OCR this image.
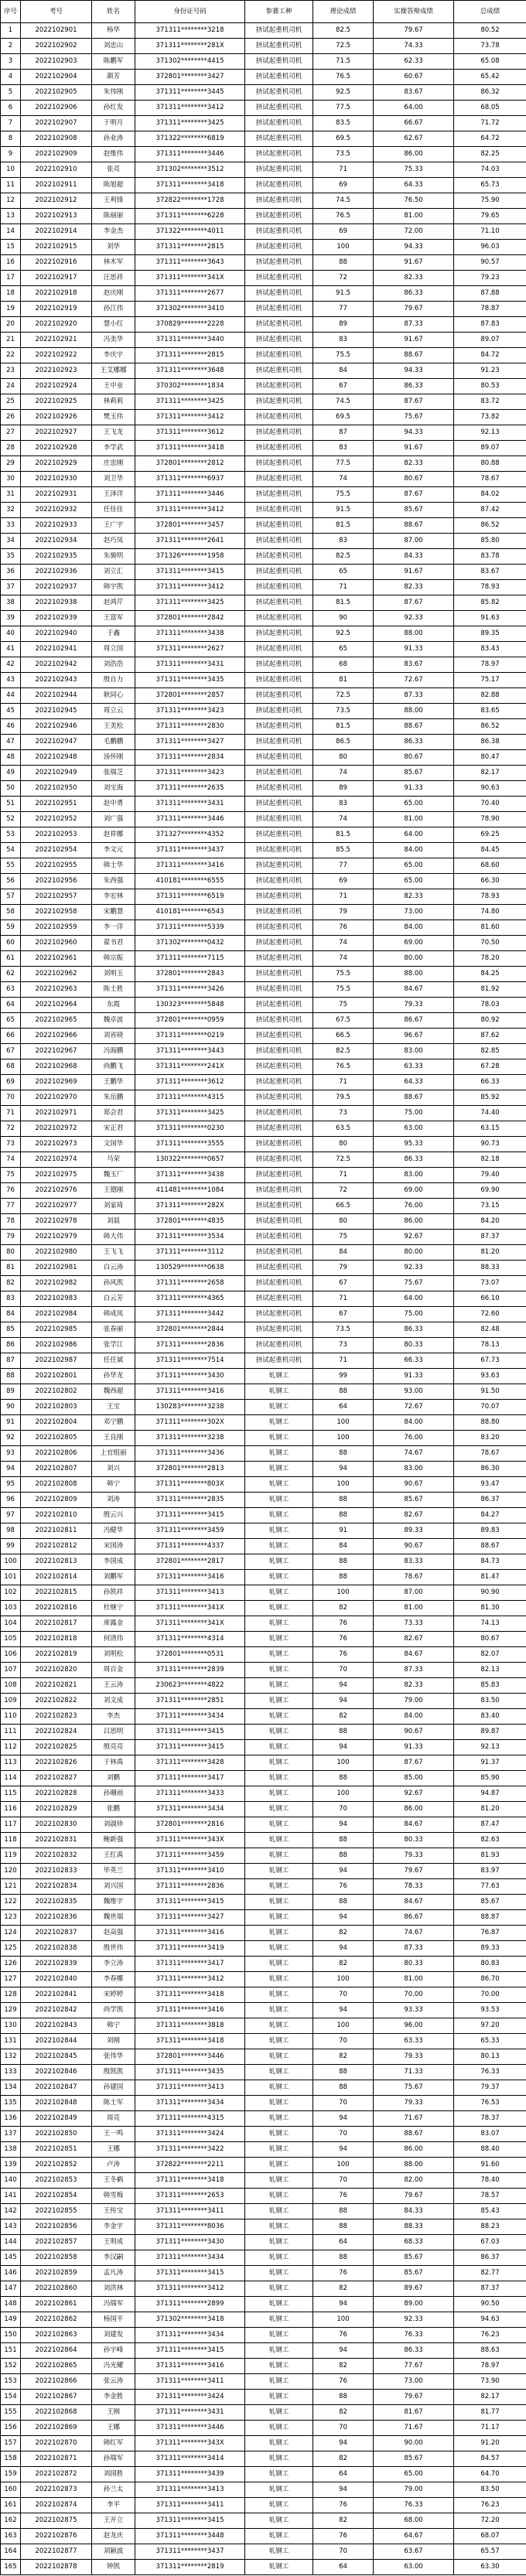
序号	考号	姓名	身份证号码	参赛工种	理论成绩	实操答辩成绩	总成绩
1	2022102901	杨华	371311********3218	挤试起重机司机	82.5	79.67	80.52
2	2022102902	刘忠山	371311********281X	挤试起重机司机	72.5	74.33	73.78
3	2022102903	陈鹏军	371302********4415	挤试起重机司机	71.5	62.33	65.08
4	2022102904	颜芳	372801********3427	挤试起重机司机	76.5	60.67	65.42
5	2022102905	朱伟刚	371311********3445	挤试起重机司机	92.5	83.67	86.32
6	2022102906	孙红发	371311********3412	挤试起重机司机	77.5	64.00	68.05
7	2022102907	于明月	371311********3425	挤试起重机司机	83.5	66.67	71.72
8	2022102908	孙业涛	371322********6819	挤试起重机司机	69.5	62.67	64.72
9	2022102909	赵维伟	371311********3446	挤试起重机司机	73.5	86.00	82.25
10	2022102910	张亮	371302********3512	挤试起重机司机	71	75.33	74.03
11	2022102911	陈旭超	371311********3418	挤试起重机司机	69	64.33	65.73
12	2022102912	王利锋	372822********1728	挤试起重机司机	74.5	76.50	75.90
13	2022102913	陈丽丽	371311********6228	挤试起重机司机	76.5	81.00	79.65
14	2022102914	李金杰	371322********4011	挤试起重机司机	69	72.00	71.10
15	2022102915	刘华	371311********2815	挤试起重机司机	100	94.33	96.03
16	2022102916	林木军	371311********3643	挤试起重机司机	88	91.67	90.57
17	2022102917	汪思祥	371311********341X	挤试起重机司机	72	82.33	79.23
18	2022102918	赵庆刚	371311********2677	挤试起重机司机	91.5	86.33	87.88
19	2022102919	孙江伟	371302********3410	挤试起重机司机	77	79.67	78.87
20	2022102920	慧小红	370829********2228	挤试起重机司机	89	87.33	87.83
21	2022102921	冯美华	371311********3440	挤试起重机司机	83	91.67	89.07
22	2022102922	李庆宇	371311********2815	挤试起重机司机	75.5	88.67	84.72
23	2022102923	王艾娜娜	371311********3648	挤试起重机司机	84	94.33	91.23
24	2022102924	王中业	370302********1834	挤试起重机司机	67	86.33	80.53
25	2022102925	林莉莉	371311********3425	挤试起重机司机	74.5	87.67	83.72
26	2022102926	樊玉伟	371311********3412	挤试起重机司机	69.5	75.67	73.82
27	2022102927	王飞龙	371311********3612	挤试起重机司机	87	94.33	92.13
28	2022102928	李学武	371311********3418	挤试起重机司机	83	91.67	89.07
29	2022102929	庄忠刚	372801********2812	挤试起重机司机	77.5	82.33	80.88
30	2022102930	刘卫华	371311********6937	挤试起重机司机	74	80.67	78.67
31	2022102931	王泽洋	371311********3446	挤试起重机司机	75.5	87.67	84.02
32	2022102932	任佳佳	371311********3412	挤试起重机司机	91.5	85.67	87.42
33	2022102933	王广宇	372801********3457	挤试起重机司机	81.5	88.67	86.52
34	2022102934	赵巧凤	371311********2641	挤试起重机司机	83	87.00	85.80
35	2022102935	朱骏明	371326********1958	挤试起重机司机	82.5	84.33	83.78
36	2022102936	刘立汇	371311********3415	挤试起重机司机	65	91.67	83.67
37	2022102937	韩宇凯	371311********3412	挤试起重机司机	71	82.33	78.93
38	2022102938	赵鸿芹	371311********3425	挤试起重机司机	81.5	87.67	85.82
39	2022102939	王富军	372801********2842	挤试起重机司机	90	92.33	91.63
40	2022102940	于鑫	371311********3438	挤试起重机司机	92.5	88.00	89.35
41	2022102941	周立国	371311********2627	挤试起重机司机	65	91.33	83.43
42	2022102942	刘浩浩	371311********3431	挤试起重机司机	68	83.67	78.97
43	2022102943	殷自力	371311********3435	挤试起重机司机	81	72.67	75.17
44	2022102944	耿同心	372801********2857	挤试起重机司机	72.5	87.33	82.88
45	2022102945	周立云	371311********3423	挤试起重机司机	73.5	88.00	83.65
46	2022102946	王美松	371311********2830	挤试起重机司机	81.5	88.67	86.52
47	2022102947	毛鹏鹏	371311********3427	挤试起重机司机	86.5	86.33	86.38
48	2022102948	汤怀刚	371311********2834	挤试起重机司机	80	80.67	80.47
49	2022102949	张瑞芝	371311********3423	挤试起重机司机	74	85.67	82.17
50	2022102950	刘宝海	371311********2635	挤试起重机司机	89	91.33	90.63
51	2022102951	赵中勇	371311********3431	挤试起重机司机	83	65.00	70.40
52	2022102952	刘广强	371311********3446	挤试起重机司机	74	81.00	78.90
53	2022102953	赵祥娜	371327********4352	挤试起重机司机	81.5	64.00	69.25
54	2022102954	李文元	371311********3437	挤试起重机司机	85.5	84.00	84.45
55	2022102955	韩士华	371311********3416	挤试起重机司机	77	65.00	68.60
56	2022102956	朱西强	410181********6555	挤试起重机司机	69	65.00	66.30
57	2022102957	李宏林	371311********6519	挤试起重机司机	71	82.33	78.93
58	2022102958	宋鹏慧	410181********6543	挤试起重机司机	79	73.00	74.80
59	2022102959	李一洋	371311********5339	挤试起重机司机	76	84.00	81.60
60	2022102960	翟书君	371302********0432	挤试起重机司机	74	69.00	70.50
61	2022102961	韩宗振	371311********7115	挤试起重机司机	74	80.00	78.20
62	2022102962	刘明玉	372801********2843	挤试起重机司机	75.5	88.00	84.25
63	2022102963	陈士胜	371311********3426	挤试起重机司机	75.5	84.67	81.92
64	2022102964	东霞	130323********5848	挤试起重机司机	75	79.33	78.03
65	2022102965	魏卓波	372801********0959	挤试起重机司机	67.5	86.67	80.92
66	2022102966	刘省晓	371311********0219	挤试起重机司机	66.5	96.67	87.62
67	2022102967	冯海鹏	371311********3443	挤试起重机司机	82.5	83.00	82.85
68	2022102968	尚鹏飞	371311********241X	挤试起重机司机	76.5	63.33	67.28
69	2022102969	王鹏华	371311********3612	挤试起重机司机	71	64.33	66.33
70	2022102970	朱岳鹏	371311********4315	挤试起重机司机	79.5	88.67	85.92
71	2022102971	郑会君	371311********3425	挤试起重机司机	73	75.00	74.40
72	2022102972	宋正君	371311********0230	挤试起重机司机	63.5	63.00	63.15
73	2022102973	文国华	371311********3555	挤试起重机司机	80	95.33	90.73
74	2022102974	马荣	130322********0657	挤试起重机司机	72.5	86.33	82.18
75	2022102975	魏玉厂	371311********3438	挤试起重机司机	71	83.00	79.40
76	2022102976	王德刚	411481********1084	挤试起重机司机	72	69.00	69.90
77	2022102977	刘家琦	371311********282X	挤试起重机司机	66.5	76.00	73.15
78	2022102978	刘晨	372801********4835	挤试起重机司机	80	86.00	84.20
79	2022102979	韩大伟	371311********3534	挤试起重机司机	75	92.67	87.37
80	2022102980	王飞飞	371311********3112	挤试起重机司机	84	80.00	81.20
81	2022102981	白云涛	130529********0638	挤试起重机司机	79	92.33	88.33
82	2022102982	孙风凯	371311********2658	挤试起重机司机	67	75.67	73.07
83	2022102983	白云芳	371311********4365	挤试起重机司机	71	64.00	66.10
84	2022102984	韩成凤	371311********3442	挤试起重机司机	67	75.00	72.60
85	2022102985	张春丽	372801********2844	挤试起重机司机	73.5	86.33	82.48
86	2022102986	张学江	371311********2836	挤试起重机司机	73	80.33	78.13
87	2022102987	任任斌	371311********7514	挤试起重机司机	71	66.33	67.73
88	2022102801	孙华龙	371311********3430	轧钢工	99	91.33	93.63
89	2022102802	魏西超	371311********3416	轧钢工	88	93.00	91.50
90	2022102803	王宝	130283********3238	轧钢工	64	72.67	70.07
91	2022102804	邓宁鹏	371311********302X	轧钢工	100	84.00	88.80
92	2022102805	王良刚	371311********3238	轧钢工	100	76.00	83.20
93	2022102806	上官组丽	371311********3436	轧钢工	88	74.67	78.67
94	2022102807	刘兴	372801********2813	轧钢工	94	83.00	86.30
95	2022102808	韩宁	371311********803X	轧钢工	100	90.67	93.47
96	2022102809	刘涛	371311********2835	轧钢工	88	85.67	86.37
97	2022102810	殷云兴	371311********3415	轧钢工	88	82.67	84.27
98	2022102811	冯健华	371311********3459	轧钢工	91	89.33	89.83
99	2022102812	宋国涛	371311********4337	轧钢工	84	90.67	88.67
100	2022102813	李国成	372801********2817	轧钢工	88	83.33	84.73
101	2022102814	刘鹏军	371311********3416	轧钢工	88	78.67	81.47
102	2022102815	孙凯祥	371311********3413	轧钢工	100	87.00	90.90
103	2022102816	杜继宁	371311********341X	轧钢工	82	81.00	81.30
104	2022102817	席露金	371311********341X	轧钢工	76	73.33	74.13
105	2022102818	何清伟	371311********4314	轧钢工	76	82.67	80.67
106	2022102819	刘明松	372801********0531	轧钢工	76	84.67	82.07
107	2022102820	周百金	371311********2839	轧钢工	70	87.33	82.13
108	2022102821	王云涛	230623********4822	轧钢工	94	82.33	85.83
109	2022102822	刘文成	371311********2851	轧钢工	94	79.00	83.50
110	2022102823	李杰	371311********3434	轧钢工	82	84.00	83.40
111	2022102824	吕思明	371311********3415	轧钢工	88	90.67	89.87
112	2022102825	殷亮亮	371311********3415	轧钢工	94	91.33	92.13
113	2022102826	于林禹	371311********3428	轧钢工	100	87.67	91.37
114	2022102827	刘鹏	371311********3417	轧钢工	88	85.00	85.90
115	2022102828	孙珊雨	371311********3433	轧钢工	100	92.67	94.87
116	2022102829	张鹏	371311********3434	轧钢工	70	86.00	81.20
117	2022102830	刘淑珍	372801********2816	轧钢工	94	84.67	87.47
118	2022102831	鲍新强	371311********343X	轧钢工	88	80.33	82.63
119	2022102832	王红禹	371311********3459	轧钢工	88	79.33	81.93
120	2022102833	毕英兰	371311********3410	轧钢工	94	79.67	83.97
121	2022102834	刘兴国	371311********2836	轧钢工	76	78.33	77.63
122	2022102835	魏维宇	371311********3415	轧钢工	88	84.67	85.67
123	2022102836	魏世瑞	371311********3427	轧钢工	94	86.67	88.87
124	2022102837	赵高强	371311********3416	轧钢工	82	74.67	76.87
125	2022102838	殷世伟	371311********3419	轧钢工	94	87.33	89.33
126	2022102839	李立涛	371311********3417	轧钢工	82	80.33	80.83
127	2022102840	李春娜	371311********3412	轧钢工	100	81.00	86.70
128	2022102841	宋婷婷	371311********3418	轧钢工	70	70.00	70.00
129	2022102842	尚学凯	371311********3416	轧钢工	94	93.33	93.53
130	2022102843	韩宁	371311********3818	轧钢工	100	96.00	97.20
131	2022102844	刘刚	371311********3418	轧钢工	70	63.33	65.33
132	2022102845	张伟华	372801********3446	轧钢工	82	79.33	80.13
133	2022102846	殷凯凯	371311********3435	轧钢工	88	71.33	76.33
134	2022102847	孙建国	371311********3413	轧钢工	88	75.67	79.37
135	2022102848	陈士军	371311********3434	轧钢工	70	79.33	76.53
136	2022102849	周亮	371311********4315	轧钢工	94	71.67	78.37
137	2022102850	王一鸣	371311********3424	轧钢工	70	88.67	83.07
138	2022102851	王娜	371311********3422	轧钢工	94	86.00	88.40
139	2022102852	卢涛	372822********2211	轧钢工	100	88.00	91.60
140	2022102853	王冬鹤	371311********3418	轧钢工	70	82.00	78.40
141	2022102854	韩雪梅	371311********2653	轧钢工	76	79.67	78.57
142	2022102855	王传宝	371311********3411	轧钢工	88	84.33	85.43
143	2022102856	李金宇	371311********8036	轧钢工	88	88.33	88.23
144	2022102857	王明成	371311********3430	轧钢工	64	68.33	67.03
145	2022102858	李汉嗣	371311********3434	轧钢工	88	85.67	86.37
146	2022102859	孟凡涛	371311********3415	轧钢工	76	85.67	82.77
147	2022102860	刘洪林	371311********3412	轧钢工	82	89.67	87.37
148	2022102861	冯瑞军	371311********2899	轧钢工	94	89.00	90.50
149	2022102862	杨国平	371302********3418	轧钢工	100	92.33	94.63
150	2022102863	刘建发	371311********3434	轧钢工	76	76.33	76.23
151	2022102864	孙宇峰	371311********3415	轧钢工	94	86.33	88.63
152	2022102865	冯光耀	371311********3416	轧钢工	82	77.67	78.97
153	2022102866	张云涛	371311********3411	轧钢工	76	73.00	73.90
154	2022102867	李金胜	371311********3424	轧钢工	88	79.67	82.17
155	2022102868	王刚	371311********3431	轧钢工	82	81.67	81.77
156	2022102869	王娜	371311********3446	轧钢工	70	71.67	71.17
157	2022102870	韩红军	371311********343X	轧钢工	94	90.00	91.20
158	2022102871	孙瑞军	371311********3414	轧钢工	82	85.67	84.57
159	2022102872	刘国胜	371311********3439	轧钢工	64	65.00	64.70
160	2022102873	孙兰太	371311********3413	轧钢工	94	79.00	83.50
161	2022102874	李平	371311********3411	轧钢工	76	76.33	76.23
162	2022102875	王开立	371311********3415	轧钢工	82	68.00	72.20
163	2022102876	赵龙庆	371311********3448	轧钢工	76	64.67	68.07
164	2022102877	刘颖波	371311********3437	轧钢工	70	63.67	65.57
165	2022102878	钟凯	371311********2819	轧钢工	64	63.00	63.30
